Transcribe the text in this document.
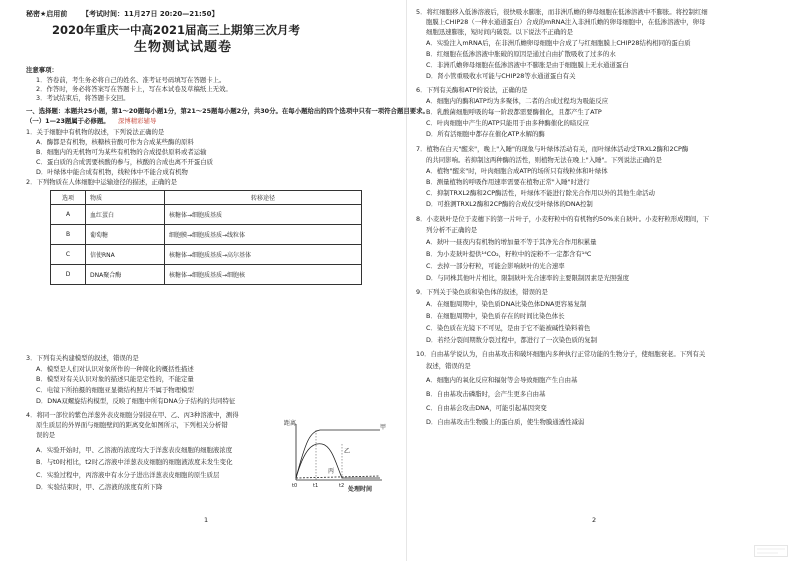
秘密★启用前 【考试时间：11月27日 20:20—21:50】
2020年重庆一中高2021届高三上期第三次月考
生物测试试题卷
注意事项：
1．答卷前，考生务必将自己的姓名、准考证号码填写在答题卡上。
2．作答时，务必将答案写在答题卡上，写在本试卷及草稿纸上无效。
3．考试结束后，将答题卡交回。
一、选择题：本题共25小题，第1～20题每小题1分，第21～25题每小题2分，共30分。在每小题给出的四个选项中只有一项符合题目要求。
（一）1—23题属于必修题。 深博精彩辅导
1．关于细胞中有机物的叙述，下列说法正确的是
A．酶都是有机物，核糖核苷酸可作为合成某些酶的原料
B．细胞内的无机物可为某些有机物的合成提供原料或者运输
C．蛋白质的合成需要核酸的参与，核酸的合成也离不开蛋白质
D．叶绿体中能合成有机物，线粒体中不能合成有机物
2．下列物质在人体细胞中运输途径的描述，正确的是
选项	物质	转移途径
A	血红蛋白	核糖体→细胞质基质
B	葡萄糖	细胞膜→细胞质基质→线粒体
C	信使RNA	核糖体→细胞质基质→高尔基体
D	DNA聚合酶	核糖体→细胞质基质→细胞核
3．下列有关构建模型的叙述，错误的是
A．模型是人们对认识对象所作的一种简化的概括性描述
B．模型对有关认识对象的描述只能是定性的，不能定量
C．电镜下所拍摄的细胞亚显微结构照片不属于物理模型
D．DNA双螺旋结构模型，反映了细胞中所有DNA分子结构的共同特征
4．将同一部位的紫色洋葱外表皮细胞分别浸在甲、乙、丙3种溶液中，测得
原生质层的外界面与细胞壁间的距离变化如图所示，下列相关分析错
误的是
A．实验开始时，甲、乙溶液的浓度均大于洋葱表皮细胞的细胞液浓度
B．与t0时相比，t2时乙溶液中洋葱表皮细胞的细胞液浓度未发生变化
C．实验过程中，丙溶液中有水分子进出洋葱表皮细胞的原生质层
D．实验结束时，甲、乙溶液的浓度有所下降
距离
甲
乙
丙
t0	t1	t2 处理时间
1
5．将红细胞移入低渗溶液后，很快吸水膨胀，而非洲爪蟾的卵母细胞在低渗溶液中不膨胀。将控制红细
胞膜上CHIP28（一种水通道蛋白）合成的mRNA注入非洲爪蟾的卵母细胞中，在低渗溶液中，卵母
细胞迅速膨胀，短时间内破裂。以下说法不正确的是
A．实验注入mRNA后，在非洲爪蟾卵母细胞中合成了与红细胞膜上CHIP28结构相同的蛋白质
B．红细胞在低渗溶液中胀破的原因是通过自由扩散吸收了过多的水
C．非洲爪蟾卵母细胞在低渗溶液中不膨胀是由于细胞膜上无水通道蛋白
D．肾小管重吸收水可能与CHIP28等水通道蛋白有关
6．下列有关酶和ATP的说法，正确的是
A．细胞内的酶和ATP均为多聚体，二者的合成过程均为吸能反应
B．乳酸菌细胞呼吸的每一阶段都需要酶催化，且都产生了ATP
C．叶肉细胞中产生的ATP只能用于由多种酶催化的暗反应
D．所有活细胞中都存在催化ATP水解的酶
7．植物在白天"醒来"，晚上"入睡"的现象与叶绿体活动有关，而叶绿体活动受TRXL2酶和2CP酶
的共同影响。若抑制这两种酶的活性，则植物无法在晚上"入睡"。下列说法正确的是
A．植物"醒来"时，叶肉细胞合成ATP的场所只有线粒体和叶绿体
B．测量植物的呼吸作用速率需要在植物正常"入睡"时进行
C．抑制TRXL2酶和2CP酶活性，叶绿体不能进行除光合作用以外的其他生命活动
D．可推测TRXL2酶和2CP酶的合成仅受叶绿体的DNA控制
8．小麦麸叶是位于麦穗下的第一片叶子，小麦籽粒中的有机物约50%来自麸叶。小麦籽粒形成期间，下
列分析不正确的是
A．麸叶一昼夜内有机物的增加量不等于其净光合作用积累量
B．为小麦麸叶提供¹⁴CO₂，籽粒中的淀粉不一定都含有¹⁴C
C．去掉一部分籽粒，可能会影响麸叶的光合速率
D．与同株其他叶片相比，限制麸叶光合速率的主要限制因素是光照强度
9．下列关于染色质和染色体的叙述，错误的是
A．在细胞周期中，染色质DNA比染色体DNA更容易复制
B．在细胞周期中，染色质存在的时间比染色体长
C．染色质在光镜下不可见，是由于它不能被碱性染料着色
D．若经分裂间期数分裂过程中，都进行了一次染色质的复制
10．自由基学说认为，自由基攻击和破坏细胞内多种执行正常功能的生物分子，使细胞衰老。下列有关
叙述，错误的是
A．细胞内的氧化反应和辐射等会导致细胞产生自由基
B．自由基攻击磷脂时，会产生更多自由基
C．自由基会攻击DNA，可能引起基因突变
D．自由基攻击生物膜上的蛋白质，使生物膜通透性减弱
2
